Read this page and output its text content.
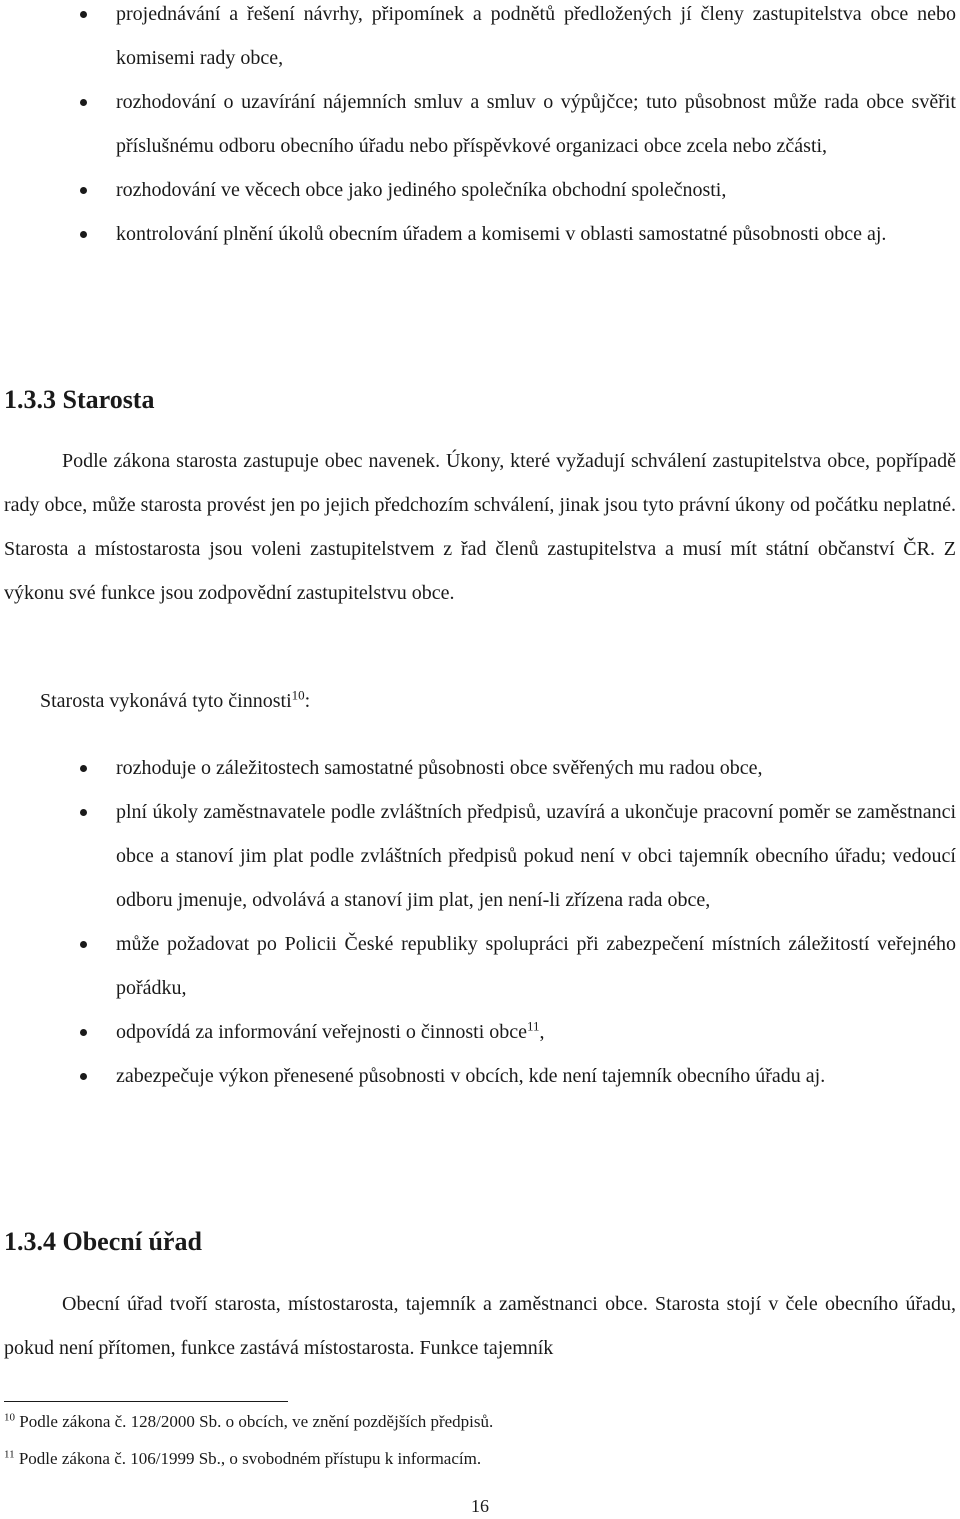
projednávání a řešení návrhy, připomínek a podnětů předložených jí členy zastupitelstva obce nebo komisemi rady obce,
rozhodování o uzavírání nájemních smluv a smluv o výpůjčce; tuto působnost může rada obce svěřit příslušnému odboru obecního úřadu nebo příspěvkové organizaci obce zcela nebo zčásti,
rozhodování ve věcech obce jako jediného společníka obchodní společnosti,
kontrolování plnění úkolů obecním úřadem a komisemi v oblasti samostatné působnosti obce aj.
1.3.3 Starosta

Podle zákona starosta zastupuje obec navenek. Úkony, které vyžadují schválení zastupitelstva obce, popřípadě rady obce, může starosta provést jen po jejich předchozím schválení, jinak jsou tyto právní úkony od počátku neplatné. Starosta a místostarosta jsou voleni zastupitelstvem z řad členů zastupitelstva a musí mít státní občanství ČR. Z výkonu své funkce jsou zodpovědní zastupitelstvu obce.

Starosta vykonává tyto činnosti$^{10}$:

rozhoduje o záležitostech samostatné působnosti obce svěřených mu radou obce,
plní úkoly zaměstnavatele podle zvláštních předpisů, uzavírá a ukončuje pracovní poměr se zaměstnanci obce a stanoví jim plat podle zvláštních předpisů pokud není v obci tajemník obecního úřadu; vedoucí odboru jmenuje, odvolává a stanoví jim plat, jen není-li zřízena rada obce,
může požadovat po Policii České republiky spolupráci při zabezpečení místních záležitostí veřejného pořádku,
odpovídá za informování veřejnosti o činnosti obce$^{11}$,
zabezpečuje výkon přenesené působnosti v obcích, kde není tajemník obecního úřadu aj.
1.3.4 Obecní úřad

Obecní úřad tvoří starosta, místostarosta, tajemník a zaměstnanci obce. Starosta stojí v čele obecního úřadu, pokud není přítomen, funkce zastává místostarosta. Funkce tajemník

$^{10}$ Podle zákona č. 128/2000 Sb. o obcích, ve znění pozdějších předpisů.

$^{11}$ Podle zákona č. 106/1999 Sb., o svobodném přístupu k informacím.

16
